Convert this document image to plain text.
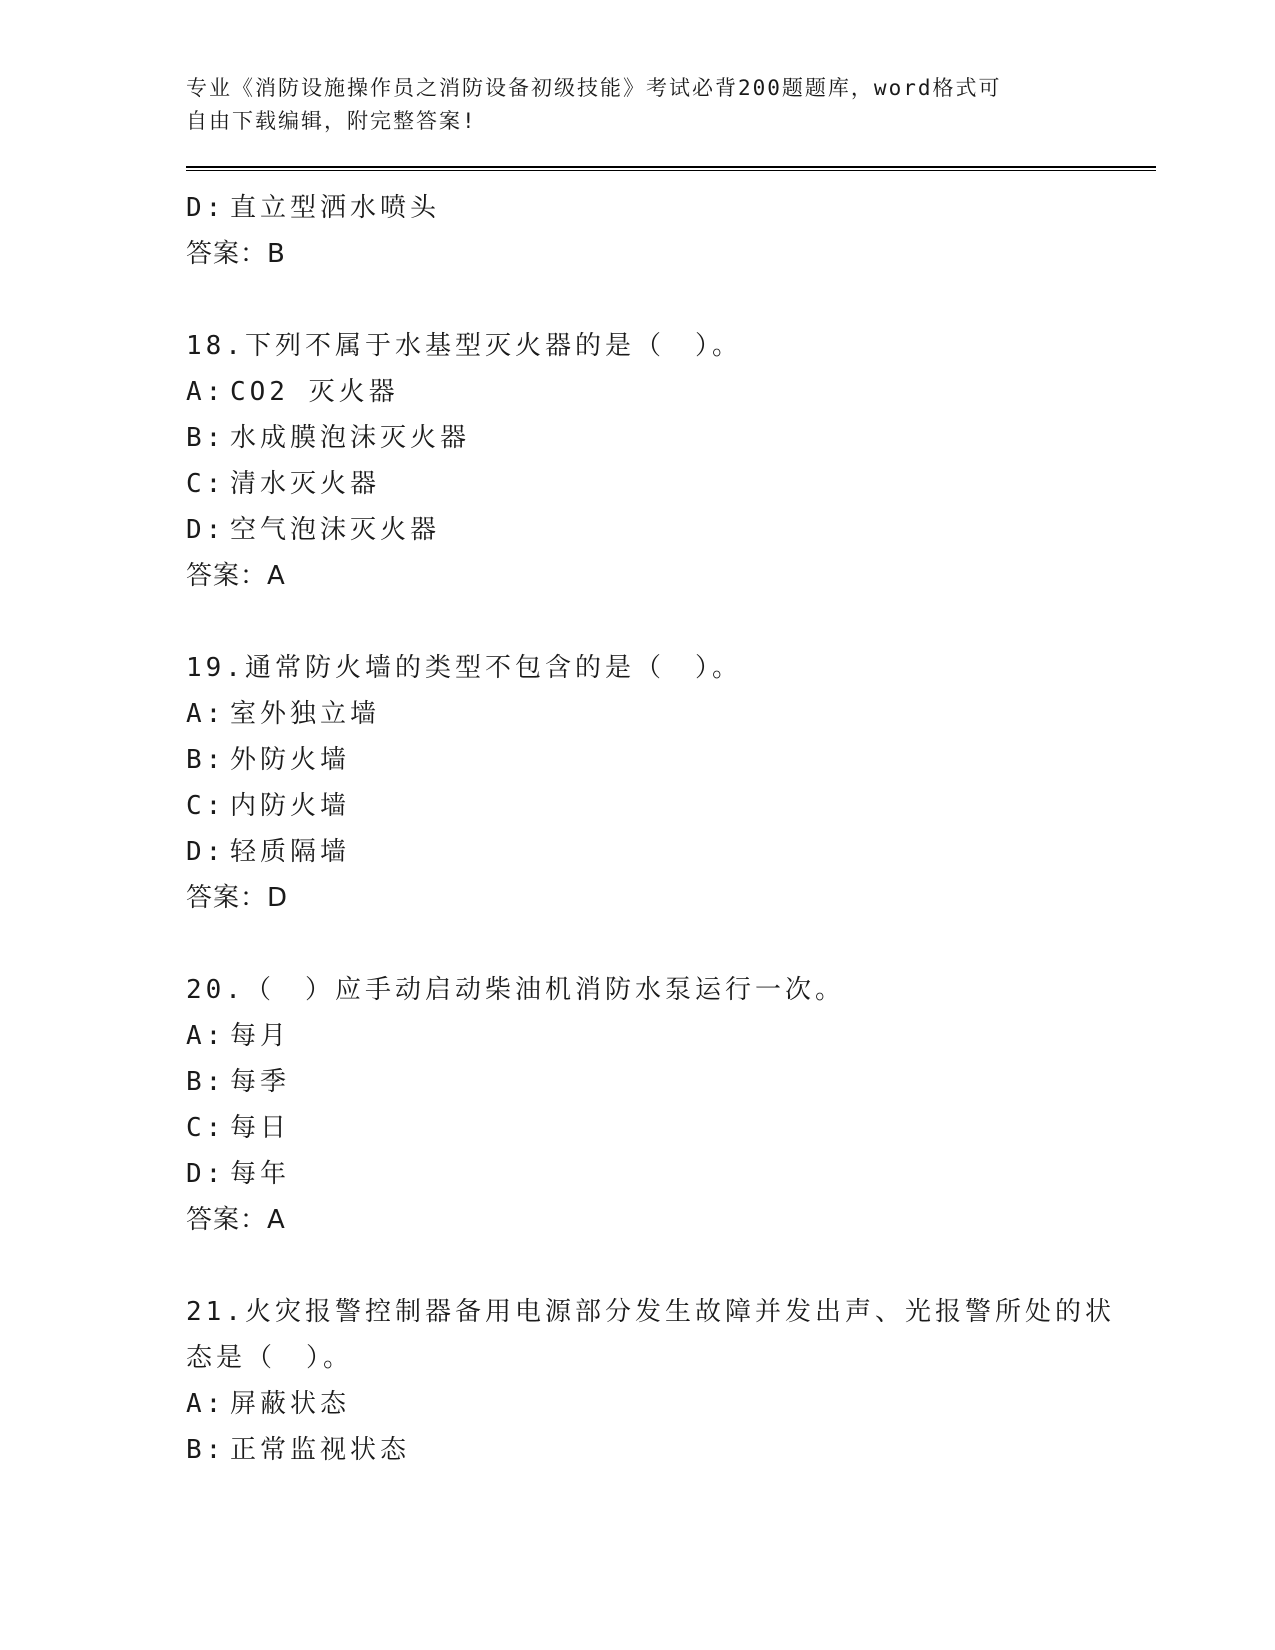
专业《消防设施操作员之消防设备初级技能》考试必背200题题库，word格式可
自由下载编辑，附完整答案!
D: 直立型洒水喷头
答案：B
18.下列不属于水基型灭火器的是（　）。
A: CO2 灭火器
B: 水成膜泡沫灭火器
C: 清水灭火器
D: 空气泡沫灭火器
答案：A
19.通常防火墙的类型不包含的是（　）。
A: 室外独立墙
B: 外防火墙
C: 内防火墙
D: 轻质隔墙
答案：D
20.（　）应手动启动柴油机消防水泵运行一次。
A: 每月
B: 每季
C: 每日
D: 每年
答案：A
21.火灾报警控制器备用电源部分发生故障并发出声、光报警所处的状
态是（　）。
A: 屏蔽状态
B: 正常监视状态
